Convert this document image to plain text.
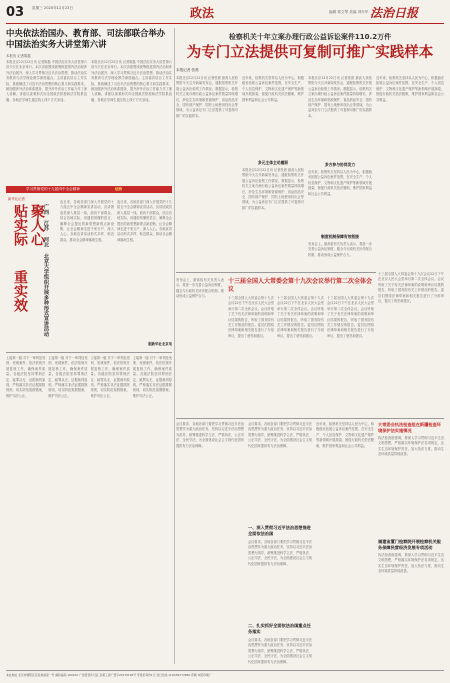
03 星期三 2020年12月23日	政法	编辑 郭文琴 美编 刘年华 法治日报
中央依法治国办、教育部、司法部联合举办中国法治实务大讲堂第六讲
本报讯 记者陈磊
本报北京12月22日讯 记者陈磊 中国法治实务大讲堂第六讲今天在北京举行。本次讲座围绕统筹推进国内法治和涉外法治展开，深入学习贯彻习近平法治思想，推动法治实务教育与法学理论教学深度融合。主讲嘉宾结合工作实际，系统阐述了习近平法治思想的核心要义和实践要求，就加强涉外法治体系建设、提升涉外法治工作能力作了深入讲解。讲座以视频形式向全国政法院校和法学院系直播，各地法学师生通过线上线下方式参加。
本报北京12月22日讯 记者陈磊 中国法治实务大讲堂第六讲今天在北京举行。本次讲座围绕统筹推进国内法治和涉外法治展开，深入学习贯彻习近平法治思想，推动法治实务教育与法学理论教学深度融合。主讲嘉宾结合工作实际，系统阐述了习近平法治思想的核心要义和实践要求，就加强涉外法治体系建设、提升涉外法治工作能力作了深入讲解。讲座以视频形式向全国政法院校和法学院系直播，各地法学师生通过线上线下方式参加。
学习贯彻党的十九届四中全会精神	法治
新华社记者
贴实际 聚人心
重实效	广西 江苏 河北 北京大学组织开展多种形式宣讲活动
连日来，各地各部门深入开展党的十九届五中全会精神宣讲活动，宣讲团成员深入基层一线，面向干部群众，结合各地实际，用通俗易懂的语言，阐释全会提出的新思想新观点新论断，让全会精神走进千家万户、深入人心。各地宣讲活动形式多样、贴近群众，推动全会精神落地生根。
连日来，各地各部门深入开展党的十九届五中全会精神宣讲活动，宣讲团成员深入基层一线，面向干部群众，结合各地实际，用通俗易懂的语言，阐释全会提出的新思想新观点新论断，让全会精神走进千家万户、深入人心。各地宣讲活动形式多样、贴近群众，推动全会精神落地生根。
据新华社北京电
检察机关十年立案办理行政公益诉讼案件110.2万件
为专门立法提供可复制可推广实践样本
本报记者 张晨
本报北京12月22日讯 记者张晨 最高人民检察院今天召开新闻发布会，通报检察机关开展公益诉讼检察工作情况。数据显示，检察机关立案办理行政公益诉讼案件数量持续增长，涉及生态环境和资源保护、食品药品安全、国有财产保护、国有土地使用权出让等领域，为公益诉讼专门立法提供了可复制可推广的实践样本。
近年来，检察机关坚持以人民为中心，积极稳妥拓展公益诉讼案件范围，在安全生产、个人信息保护、文物和文化遗产保护等新领域开展探索，督促行政机关依法履职，维护国家利益和社会公共利益。
多元主体主动履职
本报北京12月22日讯 记者张晨 最高人民检察院今天召开新闻发布会，通报检察机关开展公益诉讼检察工作情况。数据显示，检察机关立案办理行政公益诉讼案件数量持续增长，涉及生态环境和资源保护、食品药品安全、国有财产保护、国有土地使用权出让等领域，为公益诉讼专门立法提供了可复制可推广的实践样本。
本报北京12月22日讯 记者张晨 最高人民检察院今天召开新闻发布会，通报检察机关开展公益诉讼检察工作情况。数据显示，检察机关立案办理行政公益诉讼案件数量持续增长，涉及生态环境和资源保护、食品药品安全、国有财产保护、国有土地使用权出让等领域，为公益诉讼专门立法提供了可复制可推广的实践样本。
多方参与协同发力
近年来，检察机关坚持以人民为中心，积极稳妥拓展公益诉讼案件范围，在安全生产、个人信息保护、文物和文化遗产保护等新领域开展探索，督促行政机关依法履职，维护国家利益和社会公共利益。
制度机制保障有效衔接
发布会上，最高检有关负责人表示，将进一步完善公益诉讼制度，健全与行政机关协作配合机制，推动形成公益保护合力。
近年来，检察机关坚持以人民为中心，积极稳妥拓展公益诉讼案件范围，在安全生产、个人信息保护、文物和文化遗产保护等新领域开展探索，督促行政机关依法履职，维护国家利益和社会公共利益。
十三届全国人大常委会第十九次会议举行第二次全体会议
发布会上，最高检有关负责人表示，将进一步完善公益诉讼制度，健全与行政机关协作配合机制，推动形成公益保护合力。	十三届全国人大常委会第十九次会议22日下午在北京人民大会堂举行第二次全体会议。会议听取了关于有关法律草案的说明和审议结果的报告，听取了国务院有关工作情况的报告。委员们围绕法律草案和相关报告进行了分组审议，提出了意见和建议。
十三届全国人大常委会第十九次会议22日下午在北京人民大会堂举行第二次全体会议。会议听取了关于有关法律草案的说明和审议结果的报告，听取了国务院有关工作情况的报告。委员们围绕法律草案和相关报告进行了分组审议，提出了意见和建议。
十三届全国人大常委会第十九次会议22日下午在北京人民大会堂举行第二次全体会议。会议听取了关于有关法律草案的说明和审议结果的报告，听取了国务院有关工作情况的报告。委员们围绕法律草案和相关报告进行了分组审议，提出了意见和建议。
十三届全国人大常委会第十九次会议22日下午在北京人民大会堂举行第二次全体会议。会议听取了关于有关法律草案的说明和审议结果的报告，听取了国务院有关工作情况的报告。委员们围绕法律草案和相关报告进行了分组审议，提出了意见和建议。
上接第一版 对于一审判处死刑、死缓案件，依法依规开展复核工作，确保案件质量。各级法院坚持罪刑法定、疑罪从无、证据裁判原则，严格落实非法证据排除规则，切实防范冤假错案，维护司法公正。
上接第一版 对于一审判处死刑、死缓案件，依法依规开展复核工作，确保案件质量。各级法院坚持罪刑法定、疑罪从无、证据裁判原则，严格落实非法证据排除规则，切实防范冤假错案，维护司法公正。
上接第一版 对于一审判处死刑、死缓案件，依法依规开展复核工作，确保案件质量。各级法院坚持罪刑法定、疑罪从无、证据裁判原则，严格落实非法证据排除规则，切实防范冤假错案，维护司法公正。
上接第一版 对于一审判处死刑、死缓案件，依法依规开展复核工作，确保案件质量。各级法院坚持罪刑法定、疑罪从无、证据裁判原则，严格落实非法证据排除规则，切实防范冤假错案，维护司法公正。
会议要求，各地各部门要把学习贯彻习近平法治思想作为重大政治任务，坚持以习近平法治思想为指导，统筹推进科学立法、严格执法、公正司法、全民守法，为全面建设社会主义现代化国家提供有力法治保障。
会议要求，各地各部门要把学习贯彻习近平法治思想作为重大政治任务，坚持以习近平法治思想为指导，统筹推进科学立法、严格执法、公正司法、全民守法，为全面建设社会主义现代化国家提供有力法治保障。
一、深入贯彻习近平法治思想推进全面依法治国
会议要求，各地各部门要把学习贯彻习近平法治思想作为重大政治任务，坚持以习近平法治思想为指导，统筹推进科学立法、严格执法、公正司法、全民守法，为全面建设社会主义现代化国家提供有力法治保障。
二、扎实抓好全面依法治国重点任务落实
会议要求，各地各部门要把学习贯彻习近平法治思想作为重大政治任务，坚持以习近平法治思想为指导，统筹推进科学立法、严格执法、公正司法、全民守法，为全面建设社会主义现代化国家提供有力法治保障。
近年来，检察机关坚持以人民为中心，积极稳妥拓展公益诉讼案件范围，在安全生产、个人信息保护、文物和文化遗产保护等新领域开展探索，督促行政机关依法履职，维护国家利益和社会公共利益。
大常委会执法检查组在新疆检查环境保护法实施情况
执法检查组强调，要深入学习贯彻习近平生态文明思想，严格落实环境保护法各项规定，压实生态环境保护责任，加大执法力度，推动生态环境质量持续改善。
福建省厦门检察院开展检察机关服务保障民营经济发展专项活动
执法检查组强调，要深入学习贯彻习近平生态文明思想，严格落实环境保护法各项规定，压实生态环境保护责任，加大执法力度，推动生态环境质量持续改善。
本社地址 北京市朝阳区花家地南里一号 邮政编码 100102 广告经营许可证 京朝工商广登字20170165号 零售价每份1元 发行热线 (010)84772860 印刷 本报印刷厂
